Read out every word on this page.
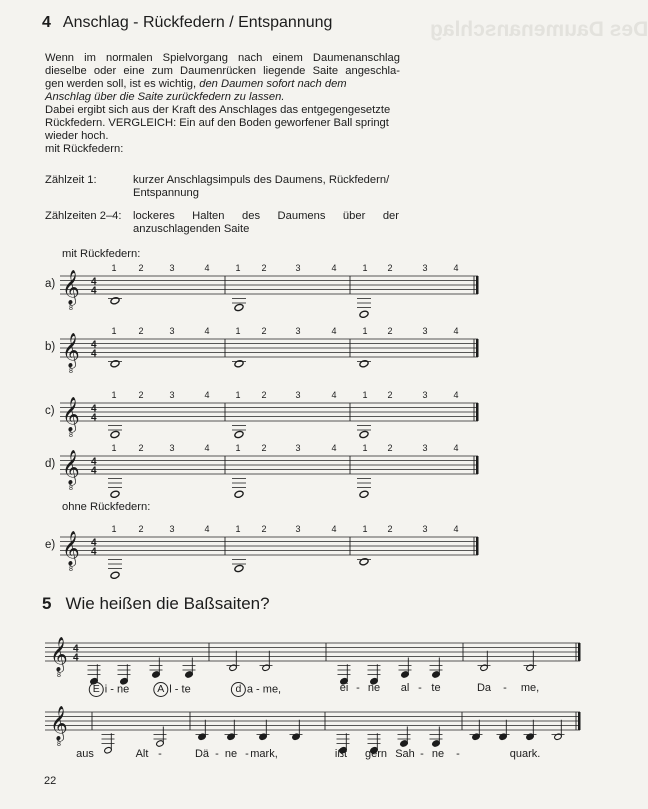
Des Daumenanschlag
4 Anschlag - Rückfedern / Entspannung

Wenn im normalen Spielvorgang nach einem Daumenanschlag
dieselbe oder eine zum Daumenrücken liegende Saite angeschla-
gen werden soll, ist es wichtig, den Daumen sofort nach dem
Anschlag über die Saite zurückfedern zu lassen.
Dabei ergibt sich aus der Kraft des Anschlages das entgegengesetzte Rückfedern. VERGLEICH: Ein auf den Boden geworfener Ball springt wieder hoch.
mit Rückfedern:

Zählzeit 1:	kurzer Anschlagsimpuls des Daumens, Rückfedern/ Entspannung
Zählzeiten 2–4: lockeres Halten des Daumens über der anzuschlagenden Saite
mit Rückfedern:
ohne Rückfedern:
a)
1 2	3	4	1 2	3	4	1 2	3	4
𝄞
8
4
4
b)
1 2	3	4	1 2	3	4	1 2	3	4
𝄞
8
4
4
c)
1 2	3	4	1 2	3	4	1 2	3	4
𝄞
8
4
4
d)
1 2	3	4	1 2	3	4	1 2	3	4
𝄞
8
4
4
e)
1 2	3	4	1 2	3	4	1 2	3	4
𝄞
8
4
4
𝄞
8
4
4
𝄞
8
E i - ne	A l - te	d a - me,	ei - ne al - te	Da - me,
aus	Alt -	Dä - ne - mark,	ißt gern Sah - ne -	quark.
5 Wie heißen die Baßsaiten?
22
